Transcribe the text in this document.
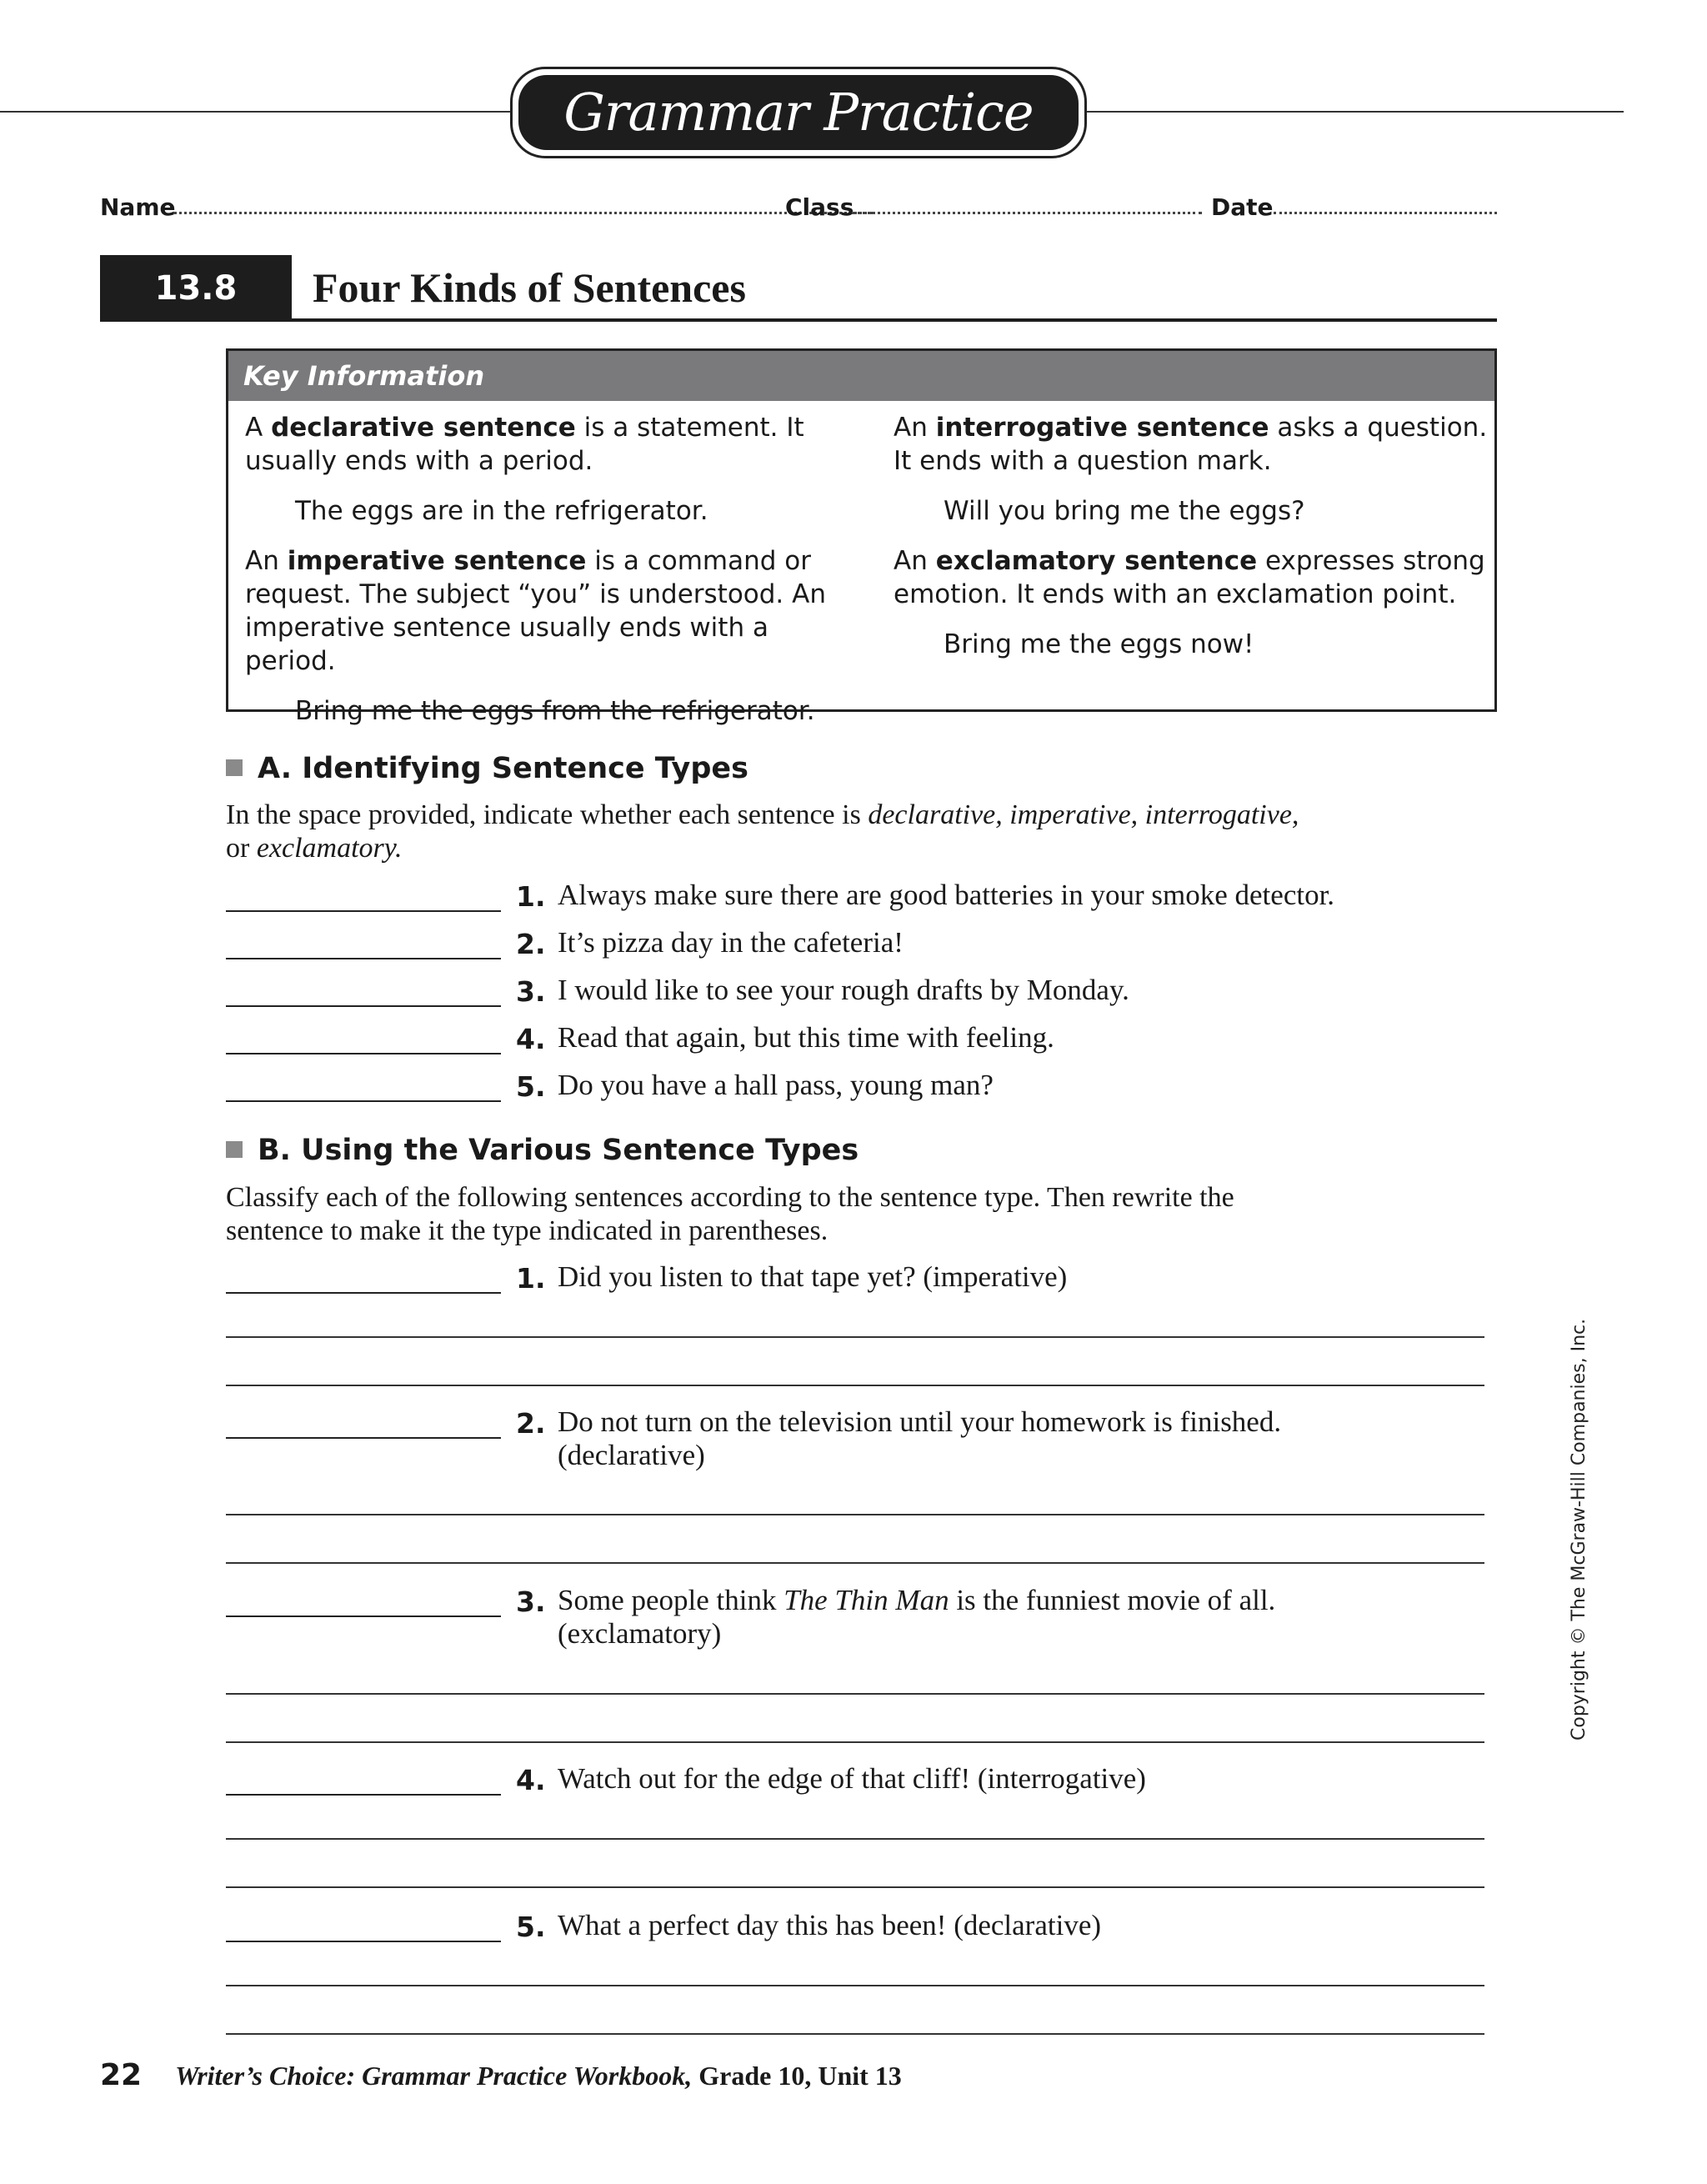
Grammar Practice
Name	Class	Date
13.8	Four Kinds of Sentences
Key Information

A declarative sentence is a statement. It usually ends with a period.

The eggs are in the refrigerator.

An imperative sentence is a command or request. The subject “you” is understood. An imperative sentence usually ends with a period.

Bring me the eggs from the refrigerator.

An interrogative sentence asks a question. It ends with a question mark.

Will you bring me the eggs?

An exclamatory sentence expresses strong emotion. It ends with an exclamation point.

Bring me the eggs now!

A. Identifying Sentence Types
In the space provided, indicate whether each sentence is declarative, imperative, interrogative,
or exclamatory.
1. Always make sure there are good batteries in your smoke detector.
2. It’s pizza day in the cafeteria!
3. I would like to see your rough drafts by Monday.
4. Read that again, but this time with feeling.
5. Do you have a hall pass, young man?
B. Using the Various Sentence Types
Classify each of the following sentences according to the sentence type. Then rewrite the sentence to make it the type indicated in parentheses.
1. Did you listen to that tape yet? (imperative)
2. Do not turn on the television until your homework is finished.
(declarative)
3. Some people think The Thin Man is the funniest movie of all.
(exclamatory)
4. Watch out for the edge of that cliff! (interrogative)
5. What a perfect day this has been! (declarative)
22 Writer’s Choice: Grammar Practice Workbook, Grade 10, Unit 13
Copyright © The McGraw-Hill Companies, Inc.
